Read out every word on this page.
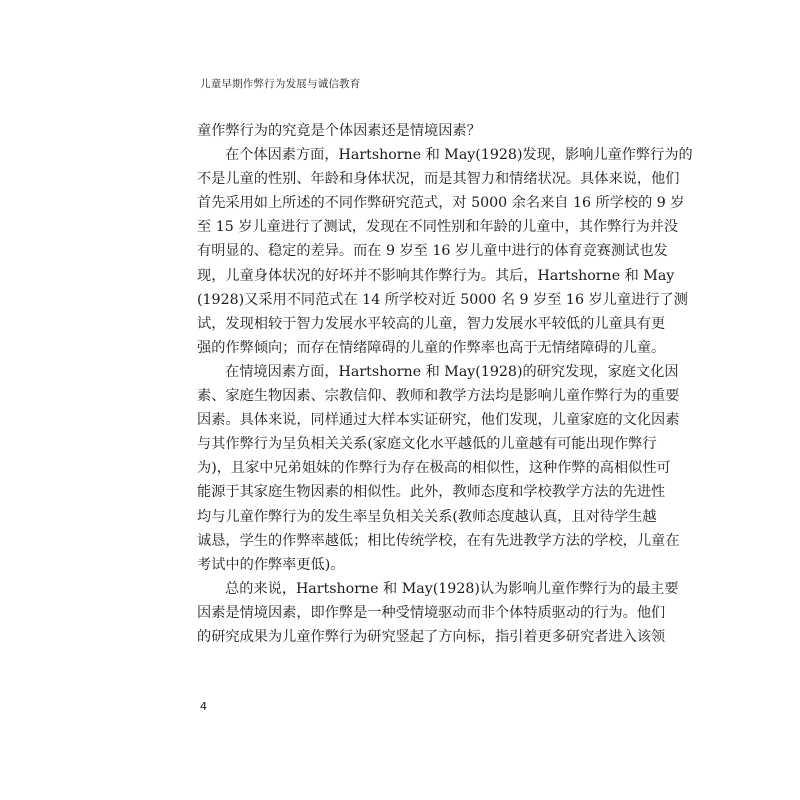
儿童早期作弊行为发展与诚信教育
童作弊行为的究竟是个体因素还是情境因素？
在个体因素方面，Hartshorne 和 May(1928)发现，影响儿童作弊行为的
不是儿童的性别、年龄和身体状况，而是其智力和情绪状况。具体来说，他们
首先采用如上所述的不同作弊研究范式，对 5000 余名来自 16 所学校的 9 岁
至 15 岁儿童进行了测试，发现在不同性别和年龄的儿童中，其作弊行为并没
有明显的、稳定的差异。而在 9 岁至 16 岁儿童中进行的体育竞赛测试也发
现，儿童身体状况的好坏并不影响其作弊行为。其后，Hartshorne 和 May
(1928)又采用不同范式在 14 所学校对近 5000 名 9 岁至 16 岁儿童进行了测
试，发现相较于智力发展水平较高的儿童，智力发展水平较低的儿童具有更
强的作弊倾向；而存在情绪障碍的儿童的作弊率也高于无情绪障碍的儿童。
在情境因素方面，Hartshorne 和 May(1928)的研究发现，家庭文化因
素、家庭生物因素、宗教信仰、教师和教学方法均是影响儿童作弊行为的重要
因素。具体来说，同样通过大样本实证研究，他们发现，儿童家庭的文化因素
与其作弊行为呈负相关关系(家庭文化水平越低的儿童越有可能出现作弊行
为)，且家中兄弟姐妹的作弊行为存在极高的相似性，这种作弊的高相似性可
能源于其家庭生物因素的相似性。此外，教师态度和学校教学方法的先进性
均与儿童作弊行为的发生率呈负相关关系(教师态度越认真，且对待学生越
诚恳，学生的作弊率越低；相比传统学校，在有先进教学方法的学校，儿童在
考试中的作弊率更低)。
总的来说，Hartshorne 和 May(1928)认为影响儿童作弊行为的最主要
因素是情境因素，即作弊是一种受情境驱动而非个体特质驱动的行为。他们
的研究成果为儿童作弊行为研究竖起了方向标，指引着更多研究者进入该领
4
